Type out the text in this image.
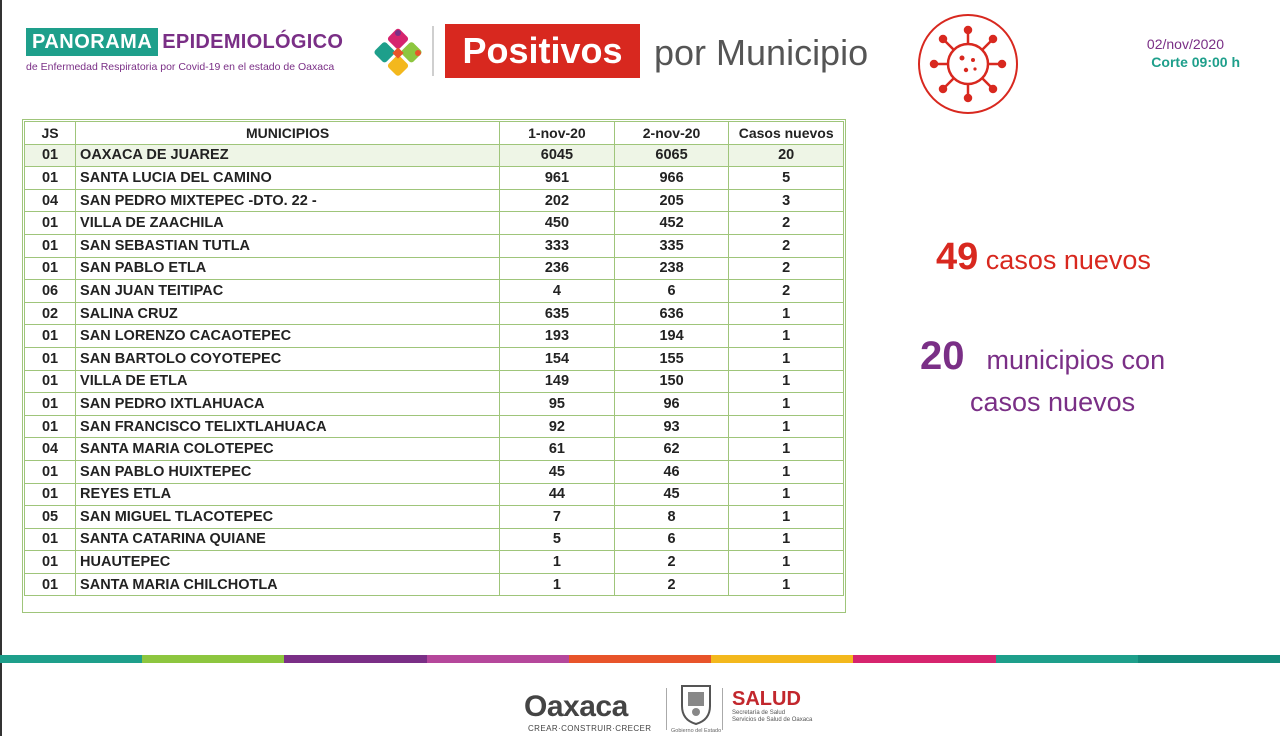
PANORAMA EPIDEMIOLÓGICO
de Enfermedad Respiratoria por Covid-19 en el estado de Oaxaca	Positivos por Municipio	02/nov/2020
Corte 09:00 h
JS	MUNICIPIOS	1-nov-20	2-nov-20	Casos nuevos
01	OAXACA DE JUAREZ	6045	6065	20
01	SANTA LUCIA DEL CAMINO	961	966	5
04	SAN PEDRO MIXTEPEC -DTO. 22 -	202	205	3
01	VILLA DE ZAACHILA	450	452	2
01	SAN SEBASTIAN TUTLA	333	335	2
01	SAN PABLO ETLA	236	238	2
06	SAN JUAN TEITIPAC	4	6	2
02	SALINA CRUZ	635	636	1
01	SAN LORENZO CACAOTEPEC	193	194	1
01	SAN BARTOLO COYOTEPEC	154	155	1
01	VILLA DE ETLA	149	150	1
01	SAN PEDRO IXTLAHUACA	95	96	1
01	SAN FRANCISCO TELIXTLAHUACA	92	93	1
04	SANTA MARIA COLOTEPEC	61	62	1
01	SAN PABLO HUIXTEPEC	45	46	1
01	REYES ETLA	44	45	1
05	SAN MIGUEL TLACOTEPEC	7	8	1
01	SANTA CATARINA QUIANE	5	6	1
01	HUAUTEPEC	1	2	1
01	SANTA MARIA CHILCHOTLA	1	2	1
49 casos nuevos
20 municipios con
casos nuevos
Oaxaca
CREAR·CONSTRUIR·CRECER	Gobierno del Estado
SALUD
Secretaría de Salud
Servicios de Salud de Oaxaca
